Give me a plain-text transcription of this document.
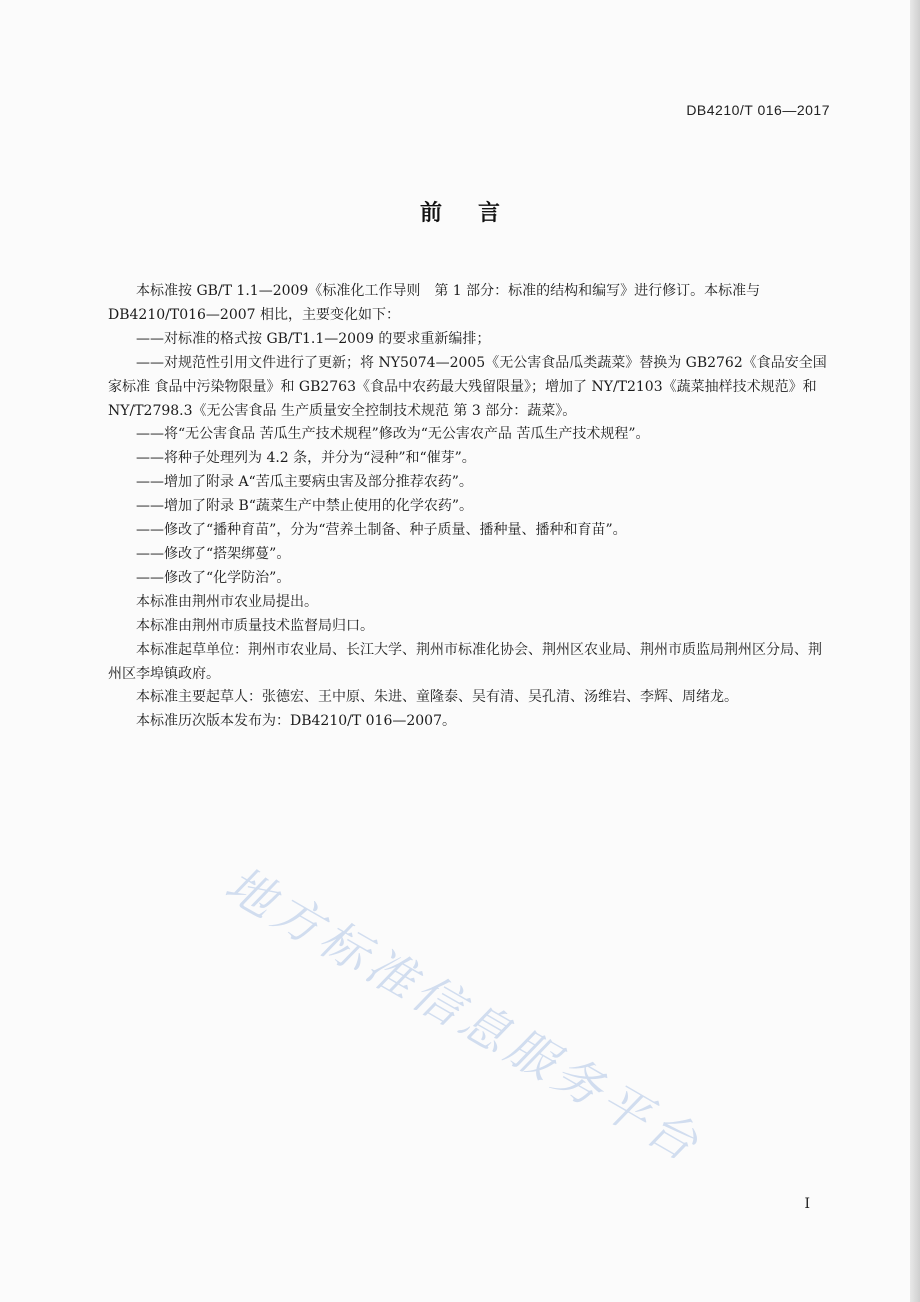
DB4210/T 016—2017
前言

本标准按 GB/T 1.1—2009《标准化工作导则　第 1 部分：标准的结构和编写》进行修订。本标准与 DB4210/T016—2007 相比，主要变化如下：

——对标准的格式按 GB/T1.1—2009 的要求重新编排；

——对规范性引用文件进行了更新；将 NY5074—2005《无公害食品瓜类蔬菜》替换为 GB2762《食品安全国家标准 食品中污染物限量》和 GB2763《食品中农药最大残留限量》；增加了 NY/T2103《蔬菜抽样技术规范》和 NY/T2798.3《无公害食品 生产质量安全控制技术规范 第 3 部分：蔬菜》。

——将“无公害食品 苦瓜生产技术规程”修改为“无公害农产品 苦瓜生产技术规程”。

——将种子处理列为 4.2 条，并分为“浸种”和“催芽”。

——增加了附录 A“苦瓜主要病虫害及部分推荐农药”。

——增加了附录 B“蔬菜生产中禁止使用的化学农药”。

——修改了“播种育苗”，分为“营养土制备、种子质量、播种量、播种和育苗”。

——修改了“搭架绑蔓”。

——修改了“化学防治”。

本标准由荆州市农业局提出。

本标准由荆州市质量技术监督局归口。

本标准起草单位：荆州市农业局、长江大学、荆州市标准化协会、荆州区农业局、荆州市质监局荆州区分局、荆州区李埠镇政府。

本标准主要起草人：张德宏、王中原、朱进、童隆泰、吴有清、吴孔清、汤维岩、李辉、周绪龙。

本标准历次版本发布为：DB4210/T 016—2007。

地方标准信息服务平台
I
